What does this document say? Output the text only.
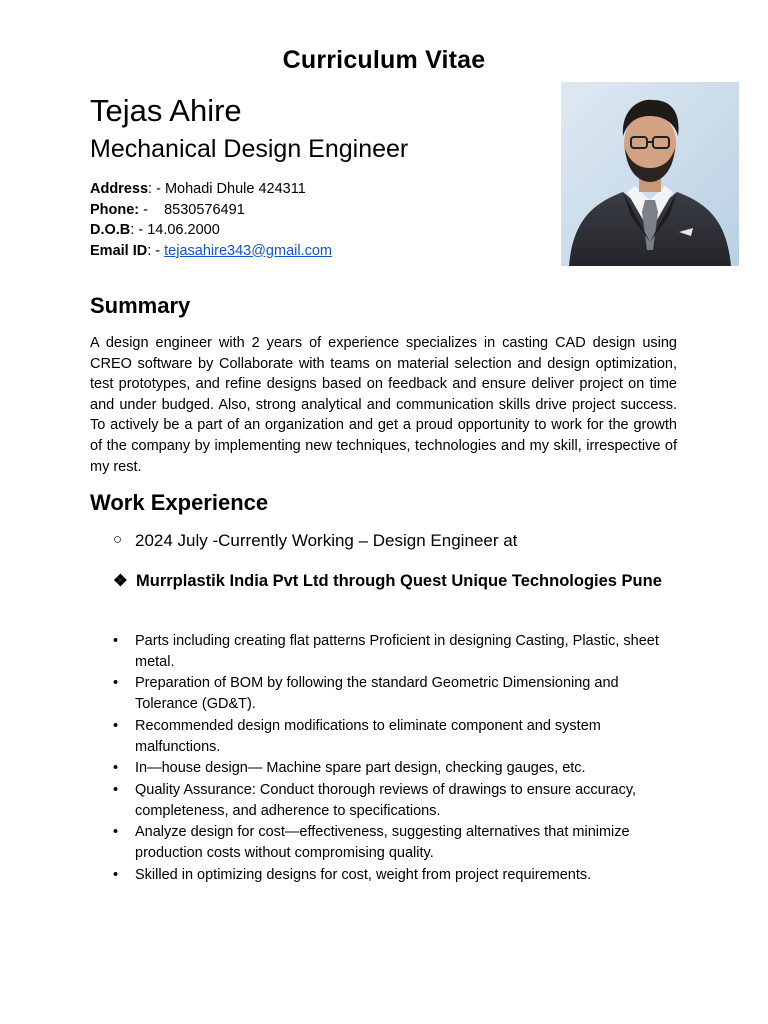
Curriculum Vitae
Tejas Ahire
Mechanical Design Engineer
Address: - Mohadi Dhule 424311
Phone: -    8530576491
D.O.B: - 14.06.2000
Email ID: - tejasahire343@gmail.com
Summary
A design engineer with 2 years of experience specializes in casting CAD design using CREO software by Collaborate with teams on material selection and design optimization, test prototypes, and refine designs based on feedback and ensure deliver project on time and under budged. Also, strong analytical and communication skills drive project success. To actively be a part of an organization and get a proud opportunity to work for the growth of the company by implementing new techniques, technologies and my skill, irrespective of my rest.
Work Experience
○ 2024 July -Currently Working – Design Engineer at
❖ Murrplastik India Pvt Ltd through Quest Unique Technologies Pune
• Parts including creating flat patterns Proficient in designing Casting, Plastic, sheet metal.
• Preparation of BOM by following the standard Geometric Dimensioning and Tolerance (GD&T).
• Recommended design modifications to eliminate component and system malfunctions.
• In—house design— Machine spare part design, checking gauges, etc.
• Quality Assurance: Conduct thorough reviews of drawings to ensure accuracy, completeness, and adherence to specifications.
• Analyze design for cost—effectiveness, suggesting alternatives that minimize production costs without compromising quality.
• Skilled in optimizing designs for cost, weight from project requirements.
